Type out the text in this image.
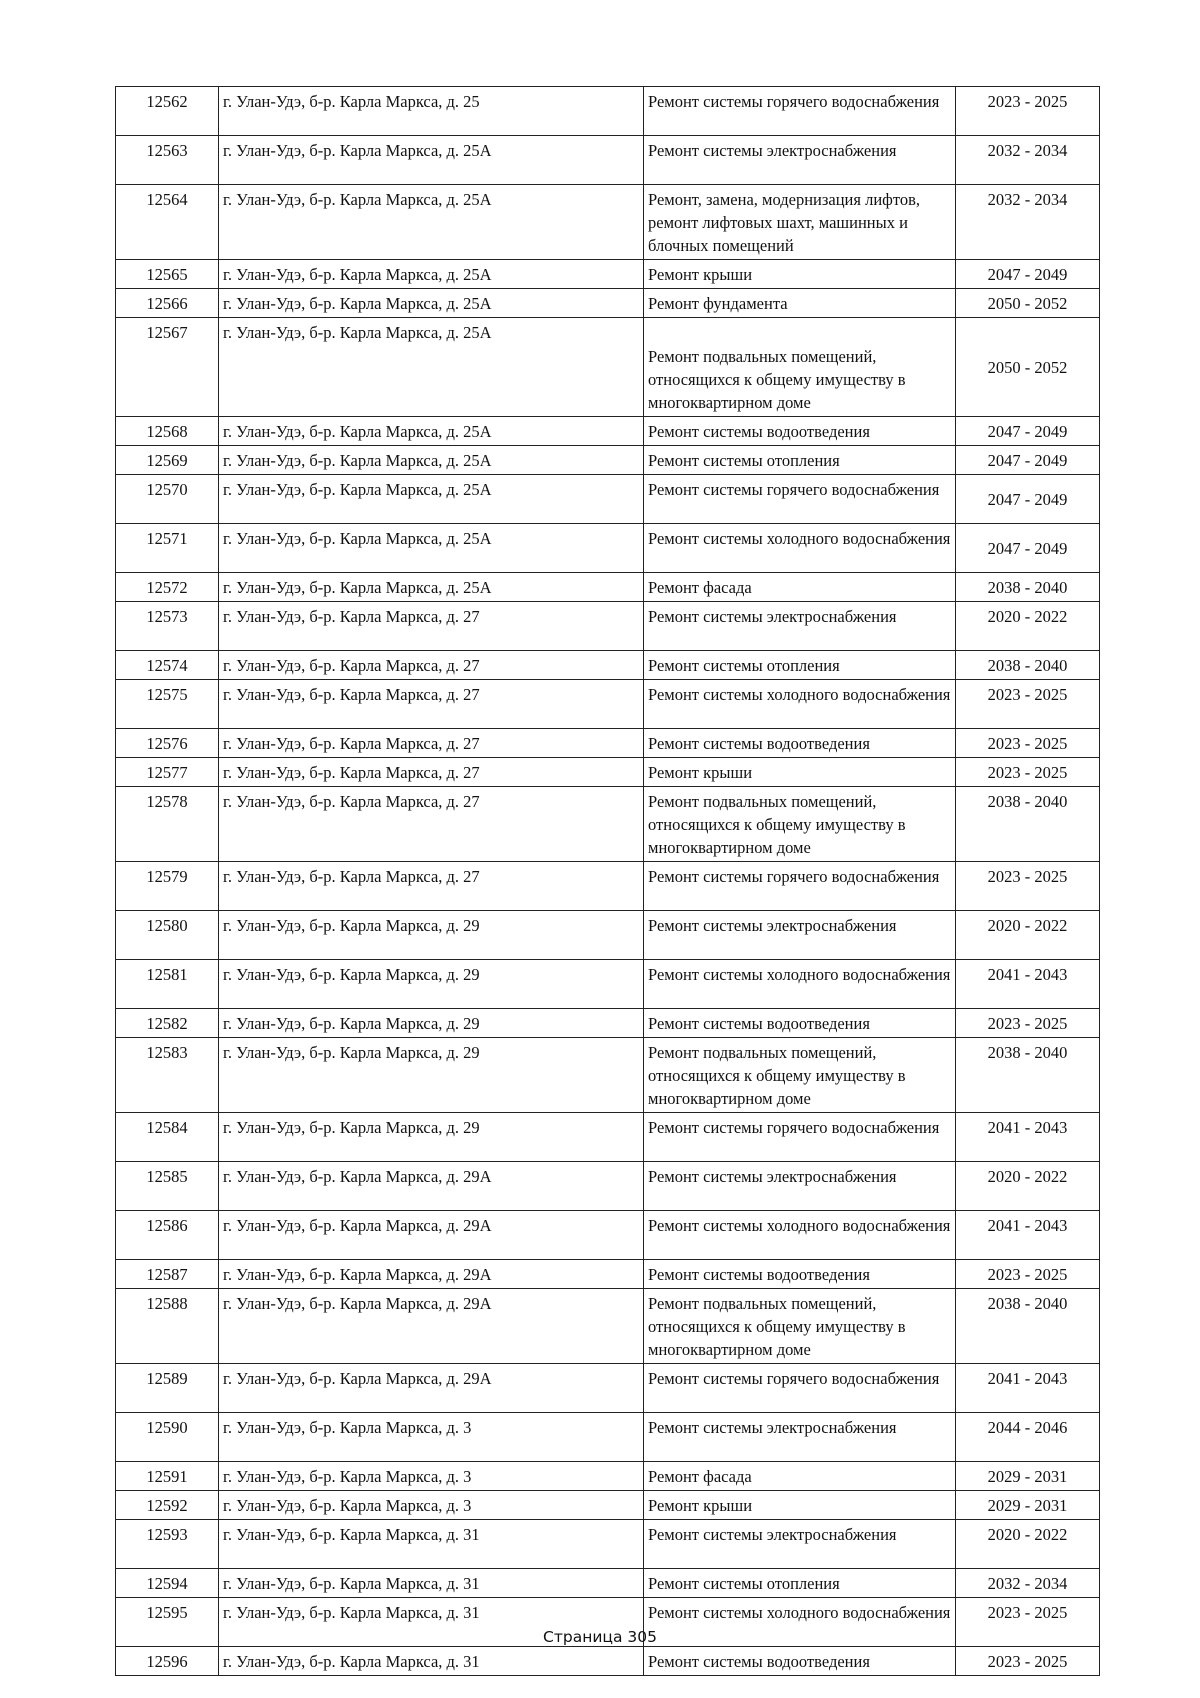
12562	г. Улан-Удэ, б-р. Карла Маркса, д. 25	Ремонт системы горячего водоснабжения	2023 - 2025
12563	г. Улан-Удэ, б-р. Карла Маркса, д. 25А	Ремонт системы электроснабжения	2032 - 2034
12564	г. Улан-Удэ, б-р. Карла Маркса, д. 25А	Ремонт, замена, модернизация лифтов, ремонт лифтовых шахт, машинных и блочных помещений	2032 - 2034
12565	г. Улан-Удэ, б-р. Карла Маркса, д. 25А	Ремонт крыши	2047 - 2049
12566	г. Улан-Удэ, б-р. Карла Маркса, д. 25А	Ремонт фундамента	2050 - 2052
12567	г. Улан-Удэ, б-р. Карла Маркса, д. 25А	Ремонт подвальных помещений, относящихся к общему имуществу в многоквартирном доме	2050 - 2052
12568	г. Улан-Удэ, б-р. Карла Маркса, д. 25А	Ремонт системы водоотведения	2047 - 2049
12569	г. Улан-Удэ, б-р. Карла Маркса, д. 25А	Ремонт системы отопления	2047 - 2049
12570	г. Улан-Удэ, б-р. Карла Маркса, д. 25А	Ремонт системы горячего водоснабжения	2047 - 2049
12571	г. Улан-Удэ, б-р. Карла Маркса, д. 25А	Ремонт системы холодного водоснабжения	2047 - 2049
12572	г. Улан-Удэ, б-р. Карла Маркса, д. 25А	Ремонт фасада	2038 - 2040
12573	г. Улан-Удэ, б-р. Карла Маркса, д. 27	Ремонт системы электроснабжения	2020 - 2022
12574	г. Улан-Удэ, б-р. Карла Маркса, д. 27	Ремонт системы отопления	2038 - 2040
12575	г. Улан-Удэ, б-р. Карла Маркса, д. 27	Ремонт системы холодного водоснабжения	2023 - 2025
12576	г. Улан-Удэ, б-р. Карла Маркса, д. 27	Ремонт системы водоотведения	2023 - 2025
12577	г. Улан-Удэ, б-р. Карла Маркса, д. 27	Ремонт крыши	2023 - 2025
12578	г. Улан-Удэ, б-р. Карла Маркса, д. 27	Ремонт подвальных помещений, относящихся к общему имуществу в многоквартирном доме	2038 - 2040
12579	г. Улан-Удэ, б-р. Карла Маркса, д. 27	Ремонт системы горячего водоснабжения	2023 - 2025
12580	г. Улан-Удэ, б-р. Карла Маркса, д. 29	Ремонт системы электроснабжения	2020 - 2022
12581	г. Улан-Удэ, б-р. Карла Маркса, д. 29	Ремонт системы холодного водоснабжения	2041 - 2043
12582	г. Улан-Удэ, б-р. Карла Маркса, д. 29	Ремонт системы водоотведения	2023 - 2025
12583	г. Улан-Удэ, б-р. Карла Маркса, д. 29	Ремонт подвальных помещений, относящихся к общему имуществу в многоквартирном доме	2038 - 2040
12584	г. Улан-Удэ, б-р. Карла Маркса, д. 29	Ремонт системы горячего водоснабжения	2041 - 2043
12585	г. Улан-Удэ, б-р. Карла Маркса, д. 29А	Ремонт системы электроснабжения	2020 - 2022
12586	г. Улан-Удэ, б-р. Карла Маркса, д. 29А	Ремонт системы холодного водоснабжения	2041 - 2043
12587	г. Улан-Удэ, б-р. Карла Маркса, д. 29А	Ремонт системы водоотведения	2023 - 2025
12588	г. Улан-Удэ, б-р. Карла Маркса, д. 29А	Ремонт подвальных помещений, относящихся к общему имуществу в многоквартирном доме	2038 - 2040
12589	г. Улан-Удэ, б-р. Карла Маркса, д. 29А	Ремонт системы горячего водоснабжения	2041 - 2043
12590	г. Улан-Удэ, б-р. Карла Маркса, д. 3	Ремонт системы электроснабжения	2044 - 2046
12591	г. Улан-Удэ, б-р. Карла Маркса, д. 3	Ремонт фасада	2029 - 2031
12592	г. Улан-Удэ, б-р. Карла Маркса, д. 3	Ремонт крыши	2029 - 2031
12593	г. Улан-Удэ, б-р. Карла Маркса, д. 31	Ремонт системы электроснабжения	2020 - 2022
12594	г. Улан-Удэ, б-р. Карла Маркса, д. 31	Ремонт системы отопления	2032 - 2034
12595	г. Улан-Удэ, б-р. Карла Маркса, д. 31	Ремонт системы холодного водоснабжения	2023 - 2025
12596	г. Улан-Удэ, б-р. Карла Маркса, д. 31	Ремонт системы водоотведения	2023 - 2025
Страница 305
